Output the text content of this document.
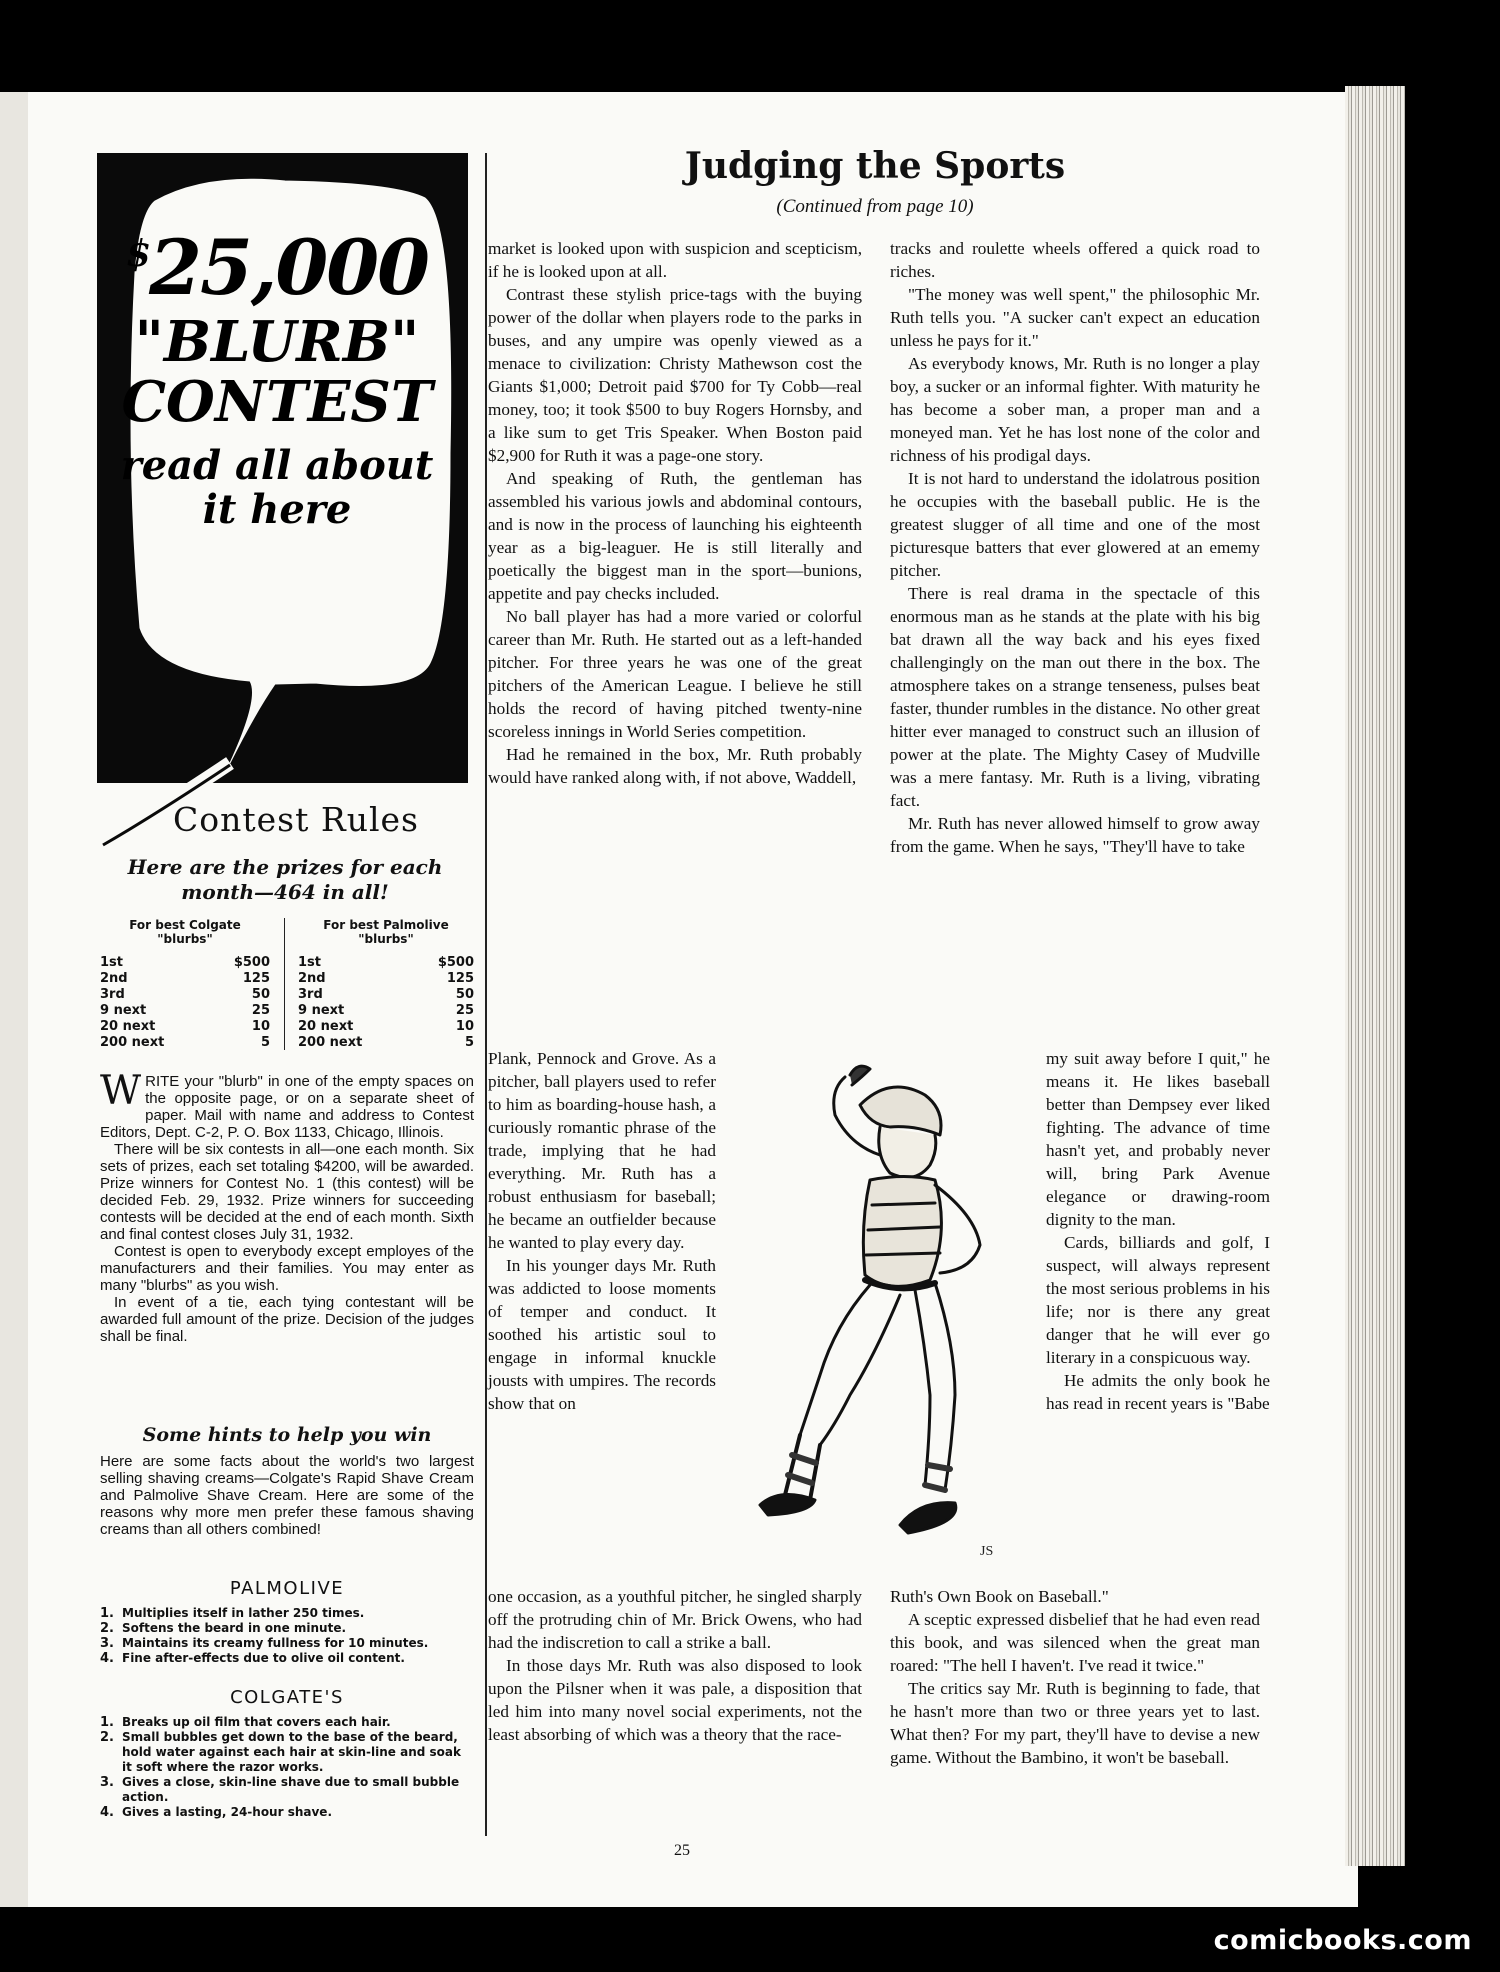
$25,000
"BLURB"
CONTEST
read all about
it here
Contest Rules
Here are the prizes for each month—464 in all!
For best Colgate "blurbs"
1st	$500
2nd	125
3rd	50
9 next	25
20 next	10
200 next	5
For best Palmolive "blurbs"
1st	$500
2nd	125
3rd	50
9 next	25
20 next	10
200 next	5

WRITE your "blurb" in one of the empty spaces on the opposite page, or on a separate sheet of paper. Mail with name and address to Contest Editors, Dept. C-2, P. O. Box 1133, Chicago, Illinois.

There will be six contests in all—one each month. Six sets of prizes, each set totaling $4200, will be awarded. Prize winners for Contest No. 1 (this contest) will be decided Feb. 29, 1932. Prize winners for succeeding contests will be decided at the end of each month. Sixth and final contest closes July 31, 1932.

Contest is open to everybody except employes of the manufacturers and their families. You may enter as many "blurbs" as you wish.

In event of a tie, each tying contestant will be awarded full amount of the prize. Decision of the judges shall be final.

Some hints to help you win
Here are some facts about the world's two largest selling shaving creams—Colgate's Rapid Shave Cream and Palmolive Shave Cream. Here are some of the reasons why more men prefer these famous shaving creams than all others combined!
PALMOLIVE
1. Multiplies itself in lather 250 times.
2. Softens the beard in one minute.
3. Maintains its creamy fullness for 10 minutes.
4. Fine after-effects due to olive oil content.
COLGATE'S
1. Breaks up oil film that covers each hair.
2. Small bubbles get down to the base of the beard, hold water against each hair at skin-line and soak it soft where the razor works.
3. Gives a close, skin-line shave due to small bubble action.
4. Gives a lasting, 24-hour shave.
Judging the Sports
(Continued from page 10)

market is looked upon with suspicion and scepticism, if he is looked upon at all.

Contrast these stylish price-tags with the buying power of the dollar when players rode to the parks in buses, and any umpire was openly viewed as a menace to civilization: Christy Mathewson cost the Giants $1,000; Detroit paid $700 for Ty Cobb—real money, too; it took $500 to buy Rogers Hornsby, and a like sum to get Tris Speaker. When Boston paid $2,900 for Ruth it was a page-one story.

And speaking of Ruth, the gentleman has assembled his various jowls and abdominal contours, and is now in the process of launching his eighteenth year as a big-leaguer. He is still literally and poetically the biggest man in the sport—bunions, appetite and pay checks included.

No ball player has had a more varied or colorful career than Mr. Ruth. He started out as a left-handed pitcher. For three years he was one of the great pitchers of the American League. I believe he still holds the record of having pitched twenty-nine scoreless innings in World Series competition.

Had he remained in the box, Mr. Ruth probably would have ranked along with, if not above, Waddell,

Plank, Pennock and Grove. As a pitcher, ball players used to refer to him as boarding-house hash, a curiously romantic phrase of the trade, implying that he had everything. Mr. Ruth has a robust enthusiasm for baseball; he became an outfielder because he wanted to play every day.

In his younger days Mr. Ruth was addicted to loose moments of temper and conduct. It soothed his artistic soul to engage in informal knuckle jousts with umpires. The records show that on

one occasion, as a youthful pitcher, he singled sharply off the protruding chin of Mr. Brick Owens, who had had the indiscretion to call a strike a ball.

In those days Mr. Ruth was also disposed to look upon the Pilsner when it was pale, a disposition that led him into many novel social experiments, not the least absorbing of which was a theory that the race-

tracks and roulette wheels offered a quick road to riches.

"The money was well spent," the philosophic Mr. Ruth tells you. "A sucker can't expect an education unless he pays for it."

As everybody knows, Mr. Ruth is no longer a play boy, a sucker or an informal fighter. With maturity he has become a sober man, a proper man and a moneyed man. Yet he has lost none of the color and richness of his prodigal days.

It is not hard to understand the idolatrous position he occupies with the baseball public. He is the greatest slugger of all time and one of the most picturesque batters that ever glowered at an ememy pitcher.

There is real drama in the spectacle of this enormous man as he stands at the plate with his big bat drawn all the way back and his eyes fixed challengingly on the man out there in the box. The atmosphere takes on a strange tenseness, pulses beat faster, thunder rumbles in the distance. No other great hitter ever managed to construct such an illusion of power at the plate. The Mighty Casey of Mudville was a mere fantasy. Mr. Ruth is a living, vibrating fact.

Mr. Ruth has never allowed himself to grow away from the game. When he says, "They'll have to take

my suit away before I quit," he means it. He likes baseball better than Dempsey ever liked fighting. The advance of time hasn't yet, and probably never will, bring Park Avenue elegance or drawing-room dignity to the man.

Cards, billiards and golf, I suspect, will always represent the most serious problems in his life; nor is there any great danger that he will ever go literary in a conspicuous way.

He admits the only book he has read in recent years is "Babe

Ruth's Own Book on Baseball."

A sceptic expressed disbelief that he had even read this book, and was silenced when the great man roared: "The hell I haven't. I've read it twice."

The critics say Mr. Ruth is beginning to fade, that he hasn't more than two or three years yet to last. What then? For my part, they'll have to devise a new game. Without the Bambino, it won't be baseball.

JS
25
comicbooks.com
